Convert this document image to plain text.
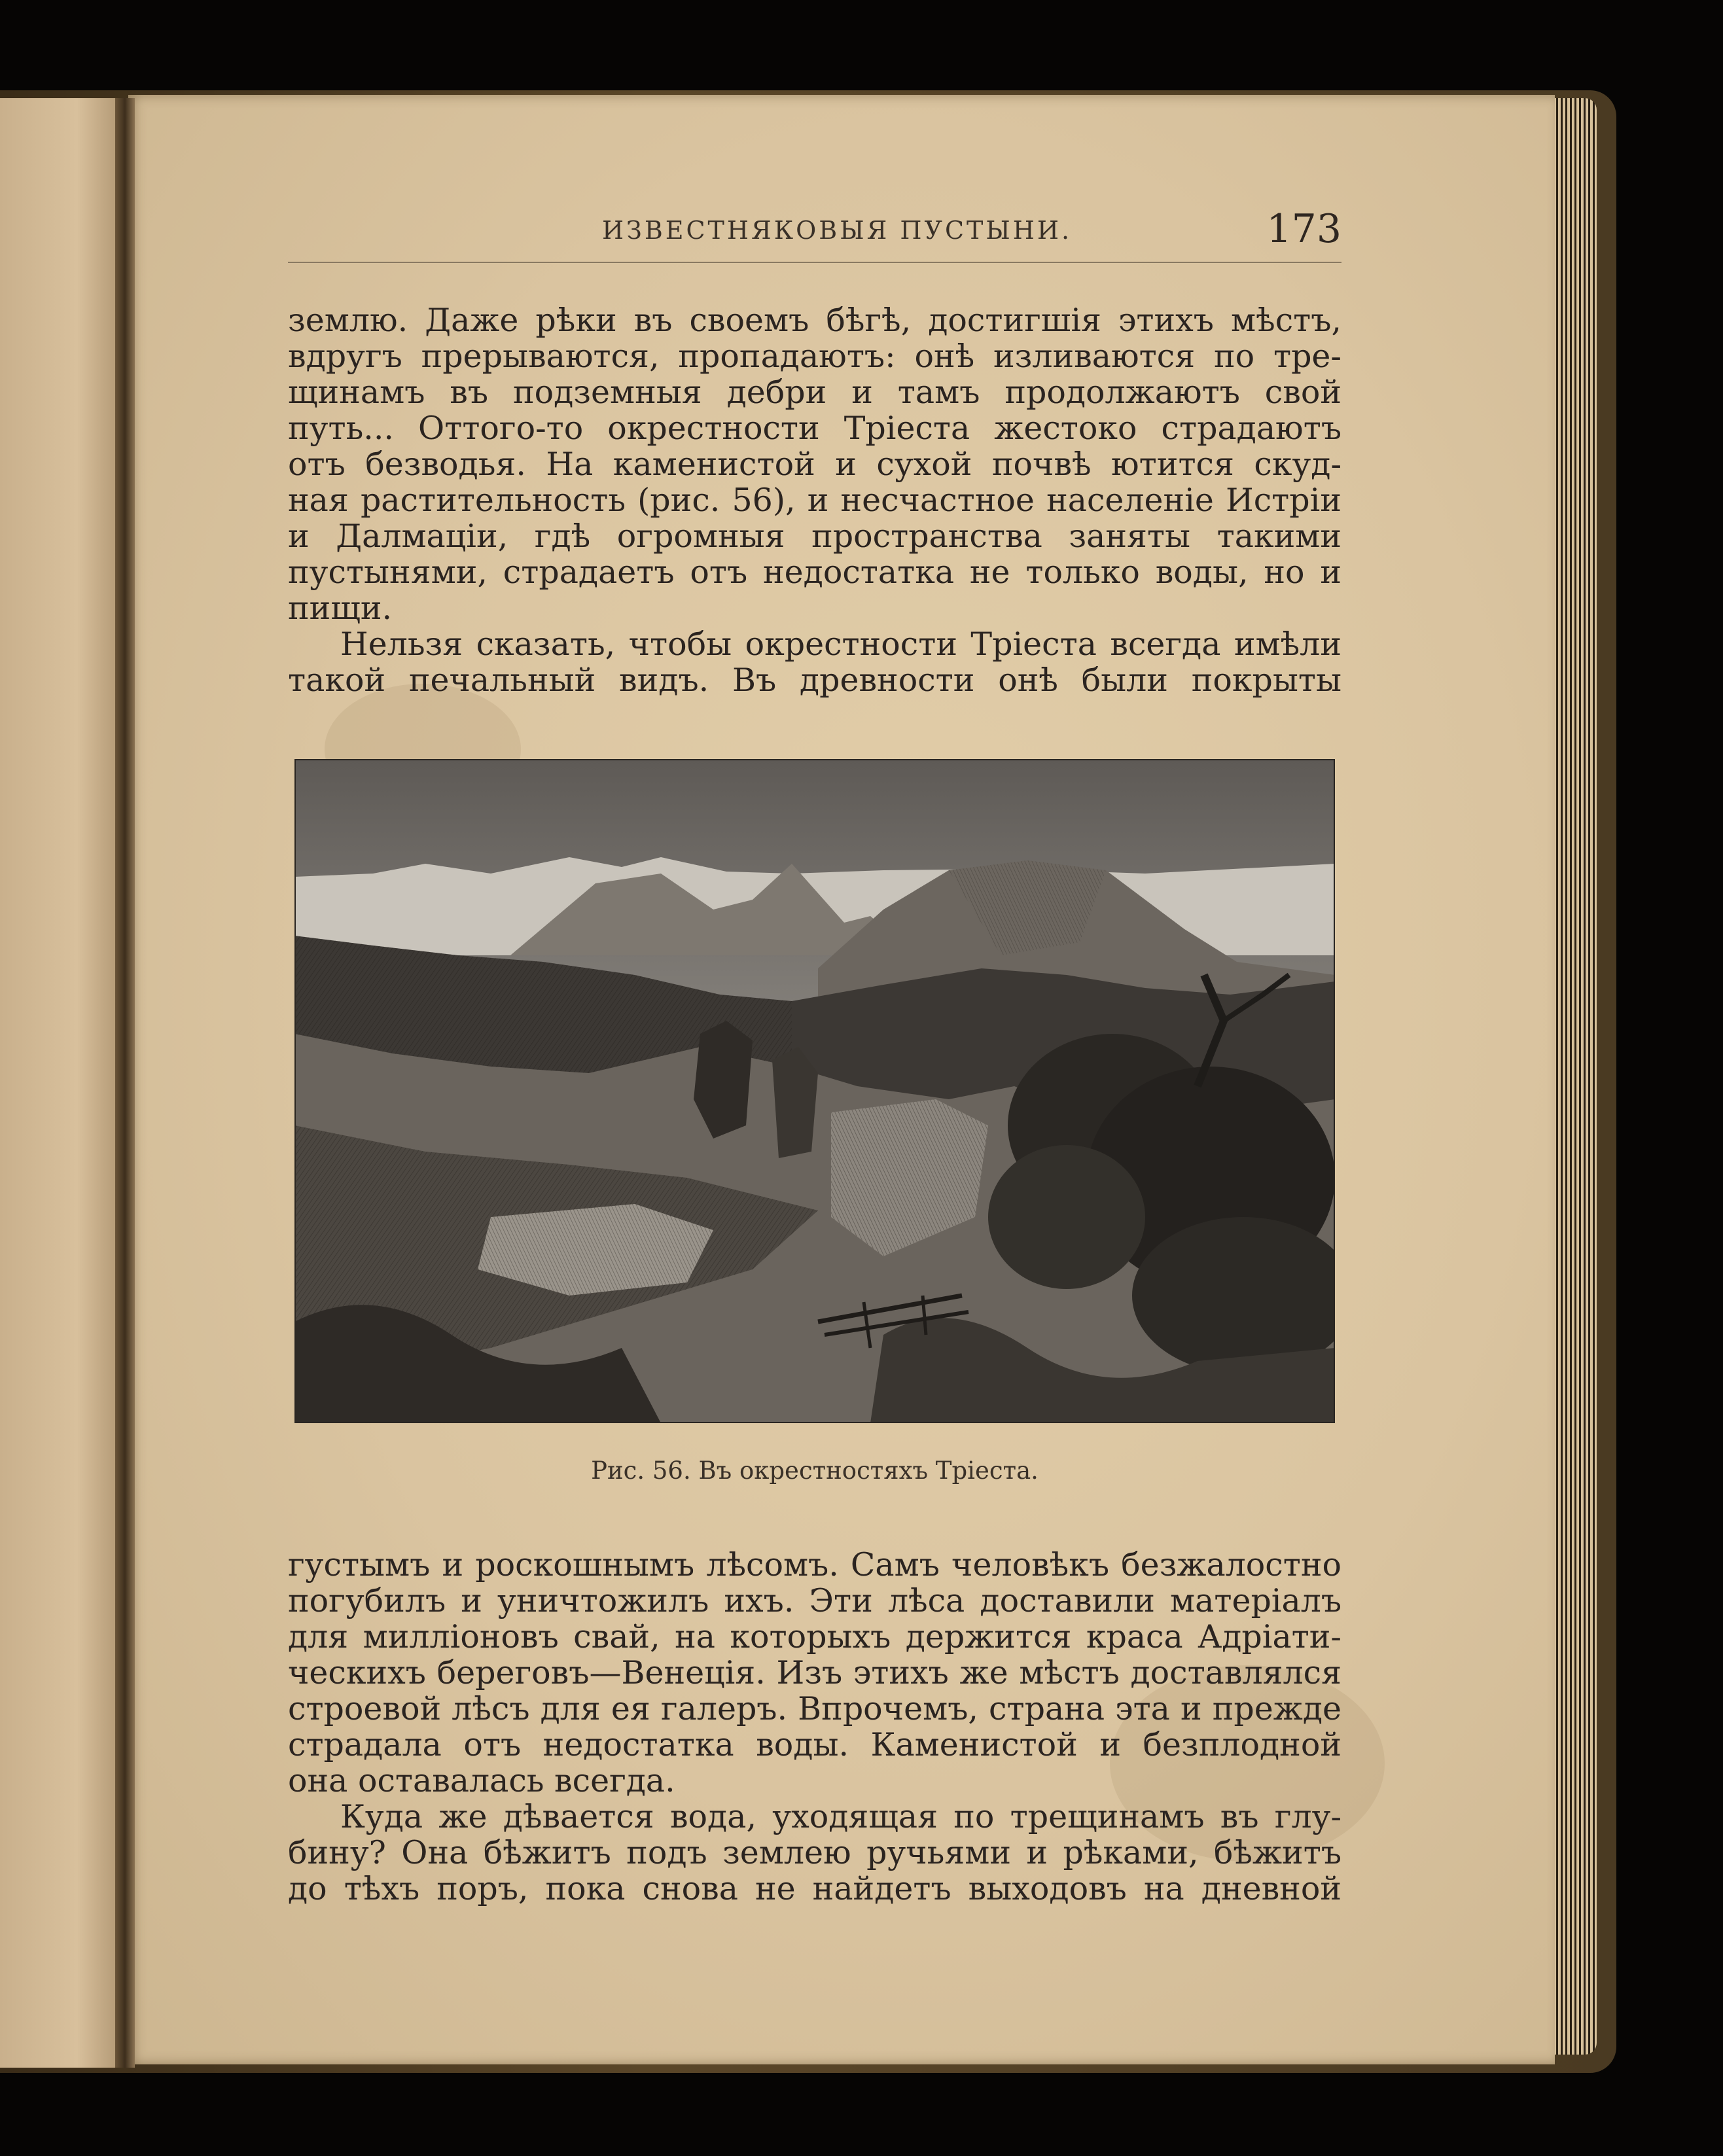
ИЗВЕСТНЯКОВЫЯ ПУСТЫНИ.	173
землю. Даже рѣки въ своемъ бѣгѣ, достигшія этихъ мѣстъ,
вдругъ прерываются, пропадаютъ: онѣ изливаются по тре-
щинамъ въ подземныя дебри и тамъ продолжаютъ свой
путь... Оттого-то окрестности Тріеста жестоко страдаютъ
отъ безводья. На каменистой и сухой почвѣ ютится скуд-
ная растительность (рис. 56), и несчастное населеніе Истріи
и Далмаціи, гдѣ огромныя пространства заняты такими
пустынями, страдаетъ отъ недостатка не только воды, но и
пищи.
Нельзя сказать, чтобы окрестности Тріеста всегда имѣли
такой печальный видъ. Въ древности онѣ были покрыты
Рис. 56. Въ окрестностяхъ Тріеста.
густымъ и роскошнымъ лѣсомъ. Самъ человѣкъ безжалостно
погубилъ и уничтожилъ ихъ. Эти лѣса доставили матеріалъ
для милліоновъ свай, на которыхъ держится краса Адріати-
ческихъ береговъ—Венеція. Изъ этихъ же мѣстъ доставлялся
строевой лѣсъ для ея галеръ. Впрочемъ, страна эта и прежде
страдала отъ недостатка воды. Каменистой и безплодной
она оставалась всегда.
Куда же дѣвается вода, уходящая по трещинамъ въ глу-
бину? Она бѣжитъ подъ землею ручьями и рѣками, бѣжитъ
до тѣхъ поръ, пока снова не найдетъ выходовъ на дневной
